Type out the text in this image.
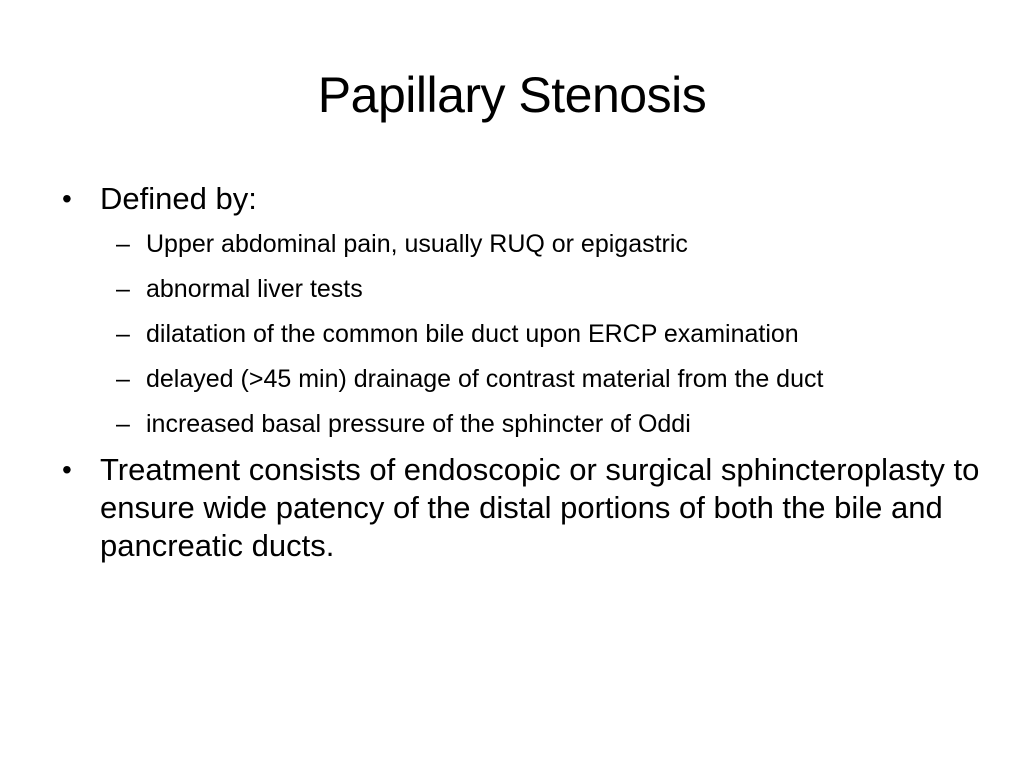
Papillary Stenosis
• Defined by:
– Upper abdominal pain, usually RUQ or epigastric
– abnormal liver tests
– dilatation of the common bile duct upon ERCP examination
– delayed (>45 min) drainage of contrast material from the duct
– increased basal pressure of the sphincter of Oddi
• Treatment consists of endoscopic or surgical sphincteroplasty to ensure wide patency of the distal portions of both the bile and pancreatic ducts.
